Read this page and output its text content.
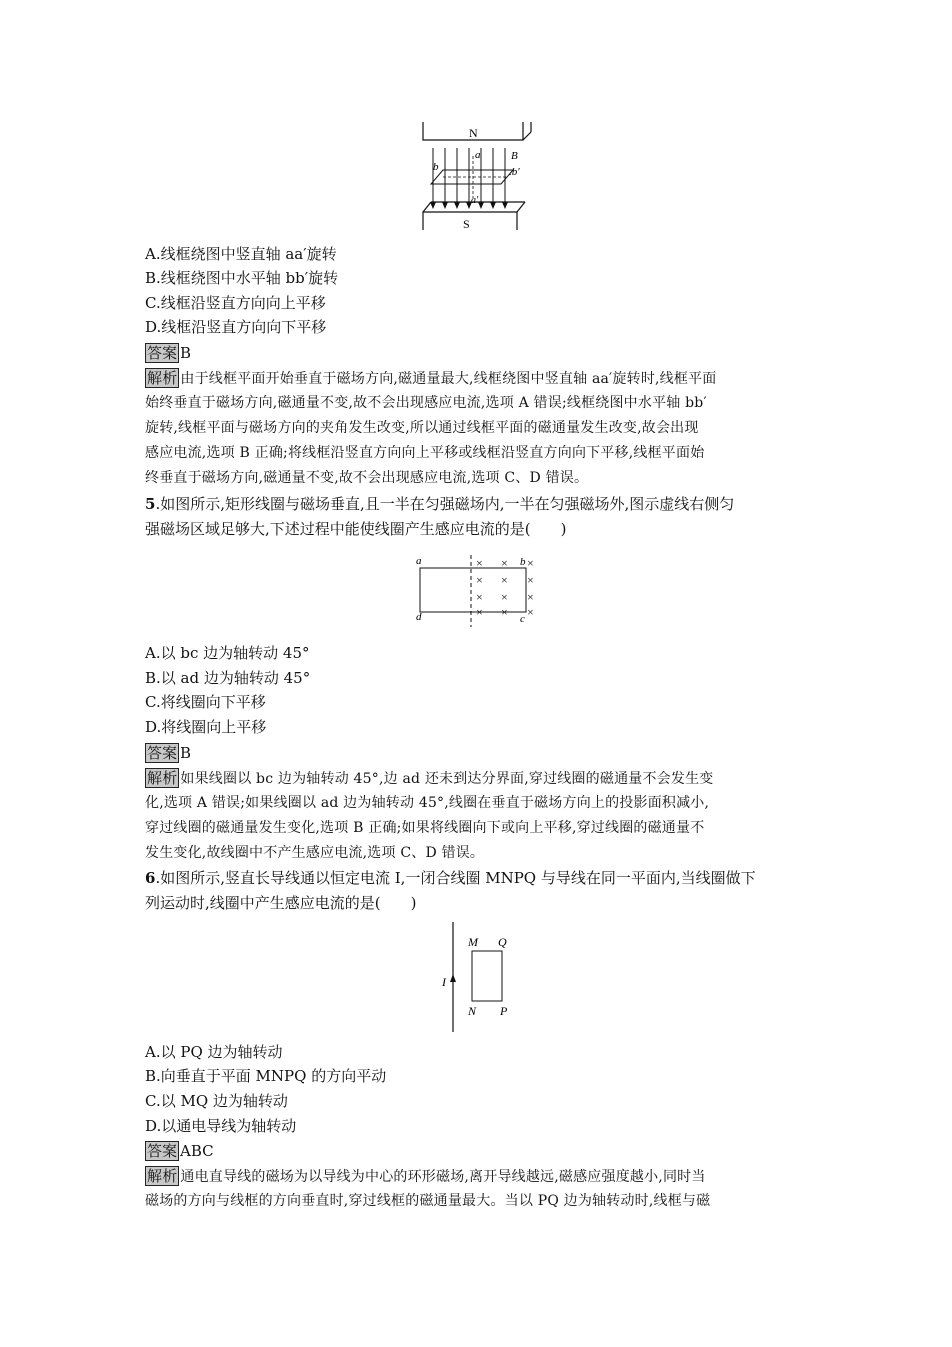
N
a
b	.b′
B
a′
S
A.线框绕图中竖直轴 aa′旋转
B.线框绕图中水平轴 bb′旋转
C.线框沿竖直方向向上平移
D.线框沿竖直方向向下平移
答案 B
解析 由于线框平面开始垂直于磁场方向,磁通量最大,线框绕图中竖直轴 aa′旋转时,线框平面
始终垂直于磁场方向,磁通量不变,故不会出现感应电流,选项 A 错误;线框绕图中水平轴 bb′
旋转,线框平面与磁场方向的夹角发生改变,所以通过线框平面的磁通量发生改变,故会出现
感应电流,选项 B 正确;将线框沿竖直方向向上平移或线框沿竖直方向向下平移,线框平面始
终垂直于磁场方向,磁通量不变,故不会出现感应电流,选项 C、D 错误。
5.如图所示,矩形线圈与磁场垂直,且一半在匀强磁场内,一半在匀强磁场外,图示虚线右侧匀
强磁场区域足够大,下述过程中能使线圈产生感应电流的是(　　)
a
d
b
c
× × ×
× × ×
× × ×
× × ×
A.以 bc 边为轴转动 45°
B.以 ad 边为轴转动 45°
C.将线圈向下平移
D.将线圈向上平移
答案 B
解析 如果线圈以 bc 边为轴转动 45°,边 ad 还未到达分界面,穿过线圈的磁通量不会发生变
化,选项 A 错误;如果线圈以 ad 边为轴转动 45°,线圈在垂直于磁场方向上的投影面积减小,
穿过线圈的磁通量发生变化,选项 B 正确;如果将线圈向下或向上平移,穿过线圈的磁通量不
发生变化,故线圈中不产生感应电流,选项 C、D 错误。
6.如图所示,竖直长导线通以恒定电流 I,一闭合线圈 MNPQ 与导线在同一平面内,当线圈做下
列运动时,线圈中产生感应电流的是(　　)
I
M Q
N P
A.以 PQ 边为轴转动
B.向垂直于平面 MNPQ 的方向平动
C.以 MQ 边为轴转动
D.以通电导线为轴转动
答案 ABC
解析 通电直导线的磁场为以导线为中心的环形磁场,离开导线越远,磁感应强度越小,同时当
磁场的方向与线框的方向垂直时,穿过线框的磁通量最大。当以 PQ 边为轴转动时,线框与磁
